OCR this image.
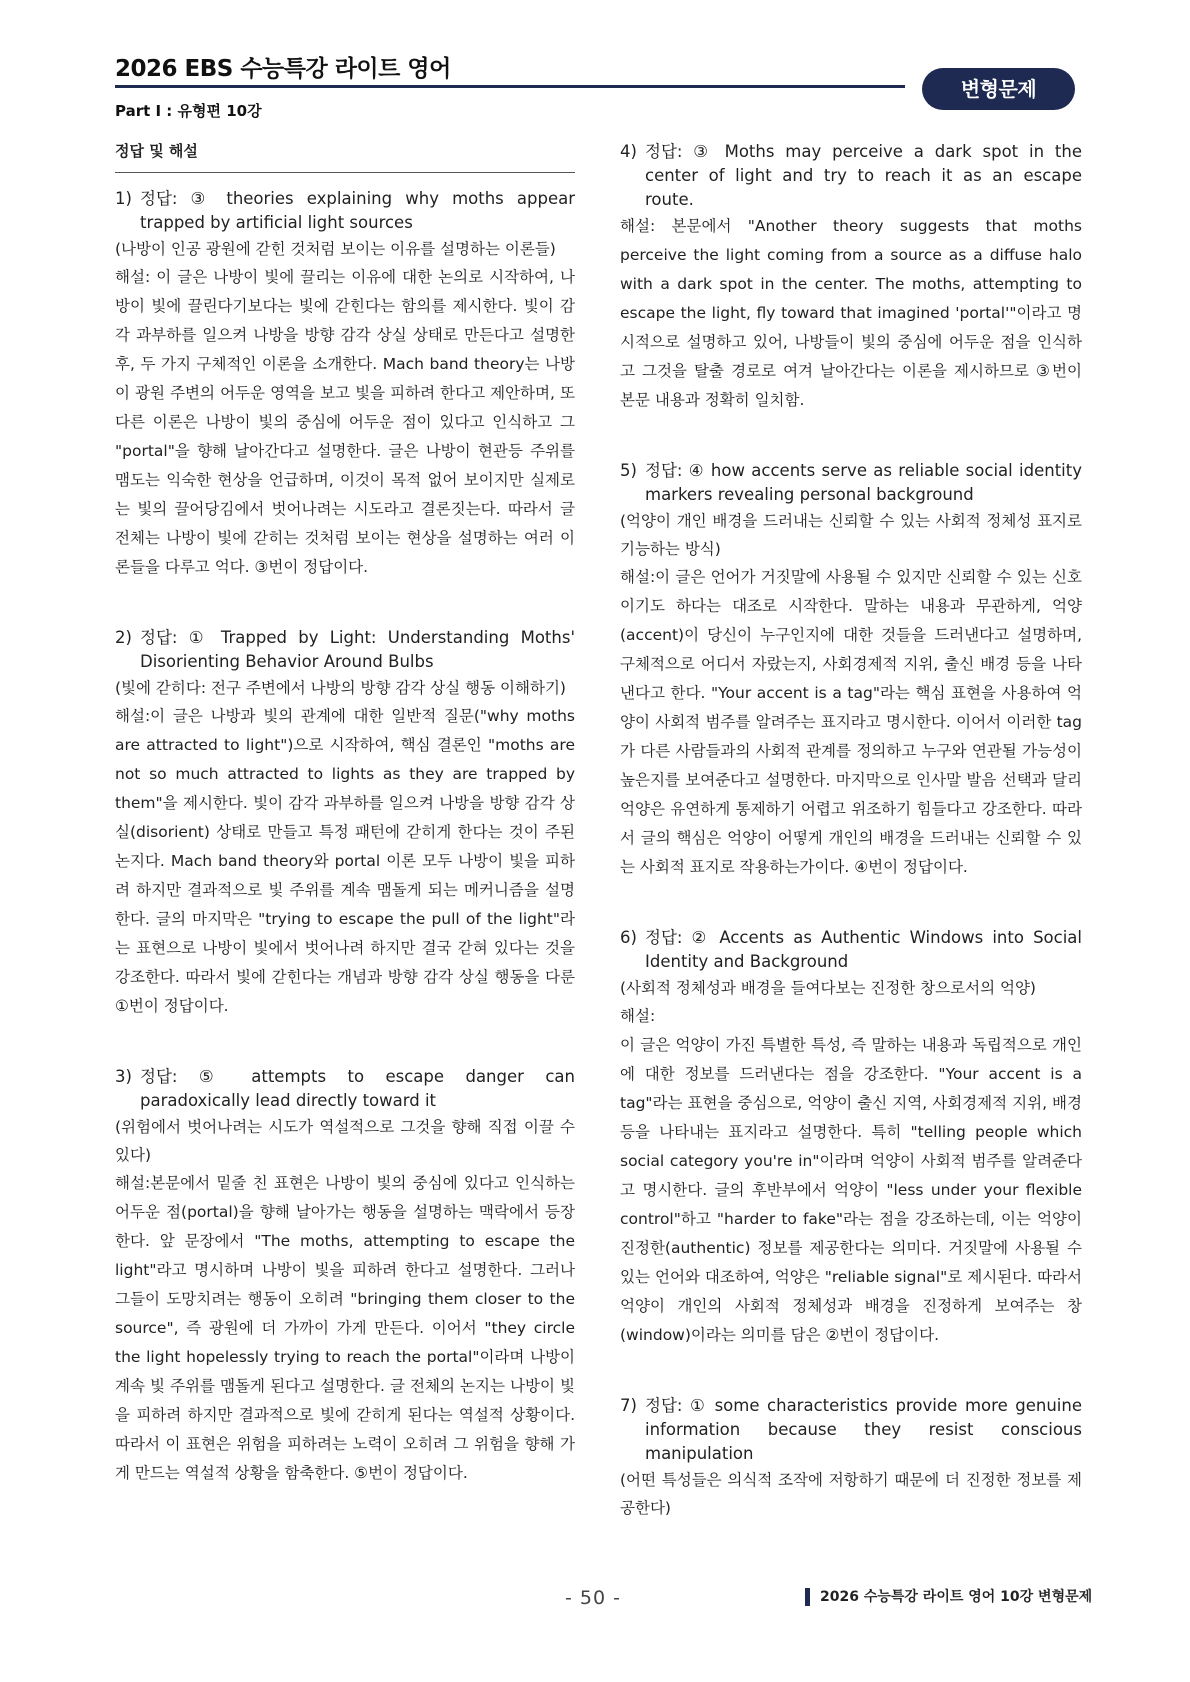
2026 EBS 수능특강 라이트 영어
변형문제
Part Ⅰ : 유형편 10강
정답 및 해설
1) 정답: ③ theories explaining why moths appear trapped by artificial light sources
(나방이 인공 광원에 갇힌 것처럼 보이는 이유를 설명하는 이론들)
해설: 이 글은 나방이 빛에 끌리는 이유에 대한 논의로 시작하여, 나방이 빛에 끌린다기보다는 빛에 갇힌다는 함의를 제시한다. 빛이 감각 과부하를 일으켜 나방을 방향 감각 상실 상태로 만든다고 설명한 후, 두 가지 구체적인 이론을 소개한다. Mach band theory는 나방이 광원 주변의 어두운 영역을 보고 빛을 피하려 한다고 제안하며, 또 다른 이론은 나방이 빛의 중심에 어두운 점이 있다고 인식하고 그 "portal"을 향해 날아간다고 설명한다. 글은 나방이 현관등 주위를 맴도는 익숙한 현상을 언급하며, 이것이 목적 없어 보이지만 실제로는 빛의 끌어당김에서 벗어나려는 시도라고 결론짓는다. 따라서 글 전체는 나방이 빛에 갇히는 것처럼 보이는 현상을 설명하는 여러 이론들을 다루고 억다. ③번이 정답이다.
2) 정답: ① Trapped by Light: Understanding Moths' Disorienting Behavior Around Bulbs
(빛에 갇히다: 전구 주변에서 나방의 방향 감각 상실 행동 이해하기)
해설:이 글은 나방과 빛의 관계에 대한 일반적 질문("why moths are attracted to light")으로 시작하여, 핵심 결론인 "moths are not so much attracted to lights as they are trapped by them"을 제시한다. 빛이 감각 과부하를 일으켜 나방을 방향 감각 상실(disorient) 상태로 만들고 특정 패턴에 갇히게 한다는 것이 주된 논지다. Mach band theory와 portal 이론 모두 나방이 빛을 피하려 하지만 결과적으로 빛 주위를 계속 맴돌게 되는 메커니즘을 설명한다. 글의 마지막은 "trying to escape the pull of the light"라는 표현으로 나방이 빛에서 벗어나려 하지만 결국 갇혀 있다는 것을 강조한다. 따라서 빛에 갇힌다는 개념과 방향 감각 상실 행동을 다룬 ①번이 정답이다.
3) 정답: ⑤ attempts to escape danger can paradoxically lead directly toward it
(위험에서 벗어나려는 시도가 역설적으로 그것을 향해 직접 이끌 수 있다)
해설:본문에서 밑줄 친 표현은 나방이 빛의 중심에 있다고 인식하는 어두운 점(portal)을 향해 날아가는 행동을 설명하는 맥락에서 등장한다. 앞 문장에서 "The moths, attempting to escape the light"라고 명시하며 나방이 빛을 피하려 한다고 설명한다. 그러나 그들이 도망치려는 행동이 오히려 "bringing them closer to the source", 즉 광원에 더 가까이 가게 만든다. 이어서 "they circle the light hopelessly trying to reach the portal"이라며 나방이 계속 빛 주위를 맴돌게 된다고 설명한다. 글 전체의 논지는 나방이 빛을 피하려 하지만 결과적으로 빛에 갇히게 된다는 역설적 상황이다. 따라서 이 표현은 위험을 피하려는 노력이 오히려 그 위험을 향해 가게 만드는 역설적 상황을 함축한다. ⑤번이 정답이다.
4) 정답: ③ Moths may perceive a dark spot in the center of light and try to reach it as an escape route.
해설: 본문에서 "Another theory suggests that moths perceive the light coming from a source as a diffuse halo with a dark spot in the center. The moths, attempting to escape the light, fly toward that imagined 'portal'"이라고 명시적으로 설명하고 있어, 나방들이 빛의 중심에 어두운 점을 인식하고 그것을 탈출 경로로 여겨 날아간다는 이론을 제시하므로 ③번이 본문 내용과 정확히 일치함.
5) 정답: ④ how accents serve as reliable social identity markers revealing personal background
(억양이 개인 배경을 드러내는 신뢰할 수 있는 사회적 정체성 표지로 기능하는 방식)
해설:이 글은 언어가 거짓말에 사용될 수 있지만 신뢰할 수 있는 신호이기도 하다는 대조로 시작한다. 말하는 내용과 무관하게, 억양(accent)이 당신이 누구인지에 대한 것들을 드러낸다고 설명하며, 구체적으로 어디서 자랐는지, 사회경제적 지위, 출신 배경 등을 나타낸다고 한다. "Your accent is a tag"라는 핵심 표현을 사용하여 억양이 사회적 범주를 알려주는 표지라고 명시한다. 이어서 이러한 tag가 다른 사람들과의 사회적 관계를 정의하고 누구와 연관될 가능성이 높은지를 보여준다고 설명한다. 마지막으로 인사말 발음 선택과 달리 억양은 유연하게 통제하기 어렵고 위조하기 힘들다고 강조한다. 따라서 글의 핵심은 억양이 어떻게 개인의 배경을 드러내는 신뢰할 수 있는 사회적 표지로 작용하는가이다. ④번이 정답이다.
6) 정답: ② Accents as Authentic Windows into Social Identity and Background
(사회적 정체성과 배경을 들여다보는 진정한 창으로서의 억양)
해설:
이 글은 억양이 가진 특별한 특성, 즉 말하는 내용과 독립적으로 개인에 대한 정보를 드러낸다는 점을 강조한다. "Your accent is a tag"라는 표현을 중심으로, 억양이 출신 지역, 사회경제적 지위, 배경 등을 나타내는 표지라고 설명한다. 특히 "telling people which social category you're in"이라며 억양이 사회적 범주를 알려준다고 명시한다. 글의 후반부에서 억양이 "less under your flexible control"하고 "harder to fake"라는 점을 강조하는데, 이는 억양이 진정한(authentic) 정보를 제공한다는 의미다. 거짓말에 사용될 수 있는 언어와 대조하여, 억양은 "reliable signal"로 제시된다. 따라서 억양이 개인의 사회적 정체성과 배경을 진정하게 보여주는 창(window)이라는 의미를 담은 ②번이 정답이다.
7) 정답: ① some characteristics provide more genuine information because they resist conscious manipulation
(어떤 특성들은 의식적 조작에 저항하기 때문에 더 진정한 정보를 제공한다)
- 50 -	2026 수능특강 라이트 영어 10강 변형문제
